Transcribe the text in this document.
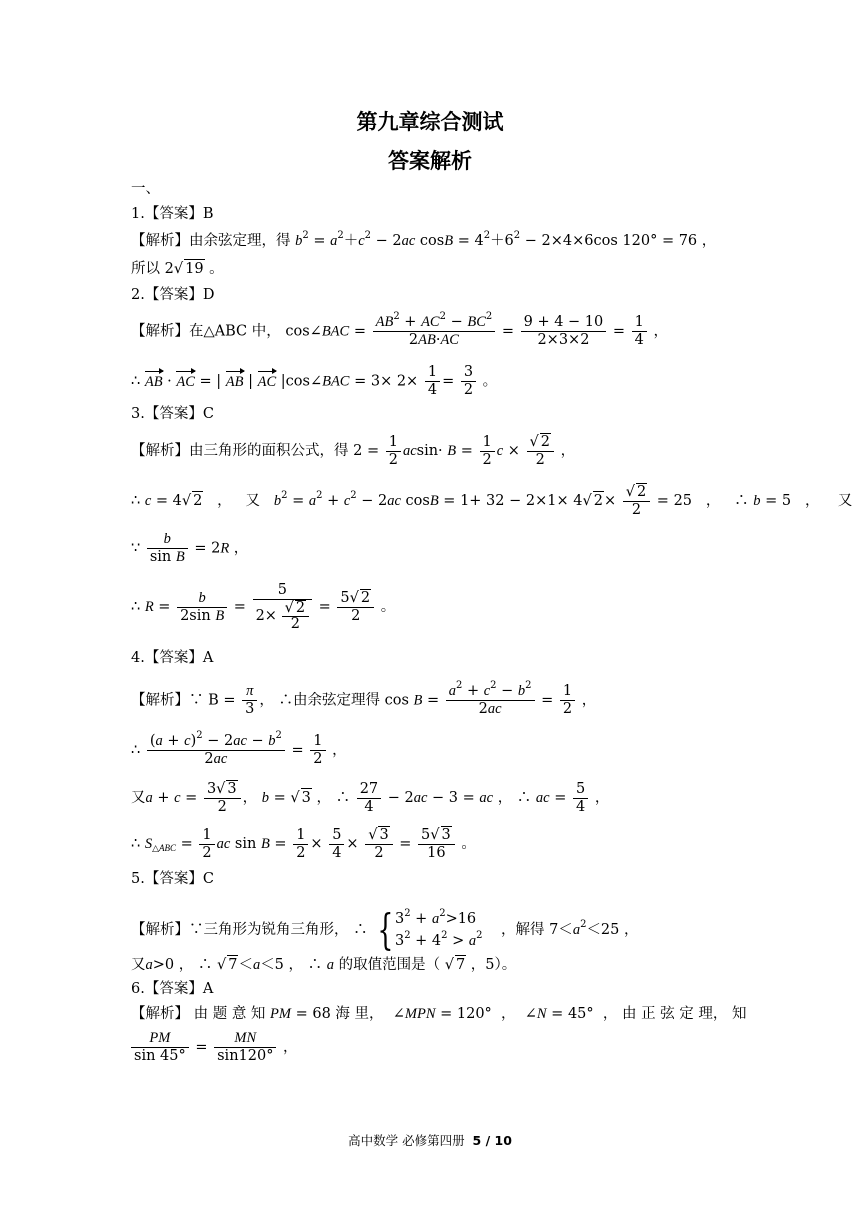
第九章综合测试
答案解析
一、
1.【答案】B
【解析】由余弦定理，得 $b^2 = a^2+c^2 - 2ac$ $\cos B = 4^2+6^2 - 2\times 4\times 6\cos$ 120° = 76 ，
所以 2√ 19 。
2.【答案】D
【解析】在△ABC 中， cos∠BAC = $\frac{AB^2 + AC^2 - BC^2}{2AB\cdot AC} = \frac{9 + 4 - 10}{2\times 3\times 2} = \frac{1}{4}$ ，
∴ AB · AC = | AB | AC |cos∠BAC = $3\times 2\times \frac{1}{4} = \frac{3}{2}$ 。
3.【答案】C
【解析】由三角形的面积公式，得 $2 = \frac{1}{2} acsin\cdot B = \frac{1}{2}$ $c \times \frac{√ 2}{2}$ ，
∴ c = 4√ 2   ，   又 $b^2 = a^2 + c^2 - 2ac$ cosB = 1+ 32 − 2×1× 4√ $2\times \frac{√ 2}{2} = 25$   ，   ∴ b = 5   ，    又
∵ $\frac{b}{\text{sin B}} = 2R$ ，
∴ $R = \frac{b}{\text{2sin B}} = \frac{5}{2\times \frac{√ 2}{2}} = \frac{5√ 2}{2}$ 。
4.【答案】A
【解析】∵ $B = \frac{\pi}{3}$ ， ∴由余弦定理得 $\cos B = \frac{a^2 + c^2 - b^2}{2ac} = \frac{1}{2}$ ，
∴ $\frac{(a + c)^2 - 2ac - b^2}{2ac} = \frac{1}{2}$ ，
又$a + c = \frac{3√ 3}{2}$ ， b = √ 3 ， ∴ $\frac{27}{4} - 2ac - 3$ = ac ， ∴ ac = $\frac{5}{4}$ ，
∴ $S_{\triangle ABC} = \frac{1}{2}$ ac $\sin B = \frac{1}{2} \times \frac{5}{4} \times \frac{√ 3}{2} = \frac{5√ 3}{16}$ 。
5.【答案】C
【解析】∵三角形为锐角三角形， ∴ { $3^2 + a^2>16$
$3^2 + 4^2 > a^2$ ，解得 $7<a^2<25$ ，
又a>0 ， ∴ √ 7＜a＜5 ， ∴ a 的取值范围是（ √ 7 ，5）。
6.【答案】A
【解析】 由 题 意 知 PM = 68 海 里，  ∠MPN = 120°  ，  ∠N = 45°  ， 由 正 弦 定 理， 知
$\frac{PM}{\sin 45^\circ} = \frac{MN}{\sin 120^\circ}$ ，
高中数学 必修第四册 5 / 10
